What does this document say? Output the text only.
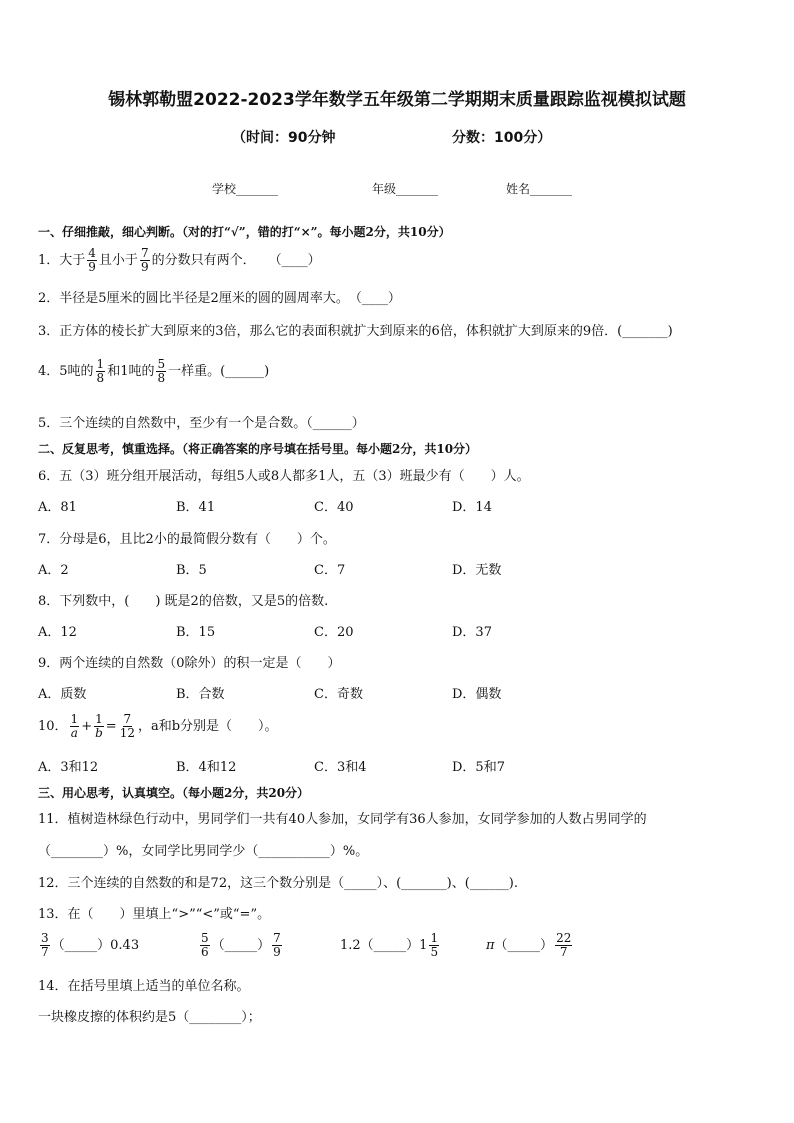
锡林郭勒盟2022-2023学年数学五年级第二学期期末质量跟踪监视模拟试题
（时间：90分钟	分数：100分）
学校_______	年级_______	姓名_______
一、仔细推敲，细心判断。（对的打“√”，错的打“×”。每小题2分，共10分）
1．大于 $\frac{4}{9}$ 且小于 $\frac{7}{9}$ 的分数只有两个．　　（____）
2．半径是5厘米的圆比半径是2厘米的圆的圆周率大。　（____）
3．正方体的棱长扩大到原来的3倍，那么它的表面积就扩大到原来的6倍，体积就扩大到原来的9倍．(_______)
4．5吨的 $\frac{1}{8}$ 和1吨的 $\frac{5}{8}$ 一样重。(______)
5．三个连续的自然数中，至少有一个是合数。（______）
二、反复思考，慎重选择。（将正确答案的序号填在括号里。每小题2分，共10分）
6．五（3）班分组开展活动，每组5人或8人都多1人，五（3）班最少有（　　）人。
A．81	B．41	C．40	D．14
7．分母是6，且比2小的最简假分数有（　　）个。
A．2	B．5	C．7	D．无数
8．下列数中，(　　) 既是2的倍数，又是5的倍数.
A．12	B．15	C．20	D．37
9．两个连续的自然数（0除外）的积一定是（　　）
A．质数	B．合数	C．奇数	D．偶数
10． $\frac{1}{a} + \frac{1}{b} = \frac{7}{12}$ ，a和b分别是（　　）。
A．3和12	B．4和12	C．3和4	D．5和7
三、用心思考，认真填空。（每小题2分，共20分）
11．植树造林绿色行动中，男同学们一共有40人参加，女同学有36人参加，女同学参加的人数占男同学的
（________）%，女同学比男同学少（___________）%。
12．三个连续的自然数的和是72，这三个数分别是（_____）、(_______)、(______).
13．在（　　）里填上“>”“<”或“=”。
$\frac{3}{7}$ （_____）0.43	$\frac{5}{6}$ （_____） $\frac{7}{9}$	1.2（_____）1 $\frac{1}{5}$	π （_____） $\frac{22}{7}$
14．在括号里填上适当的单位名称。
一块橡皮擦的体积约是5（________）；
